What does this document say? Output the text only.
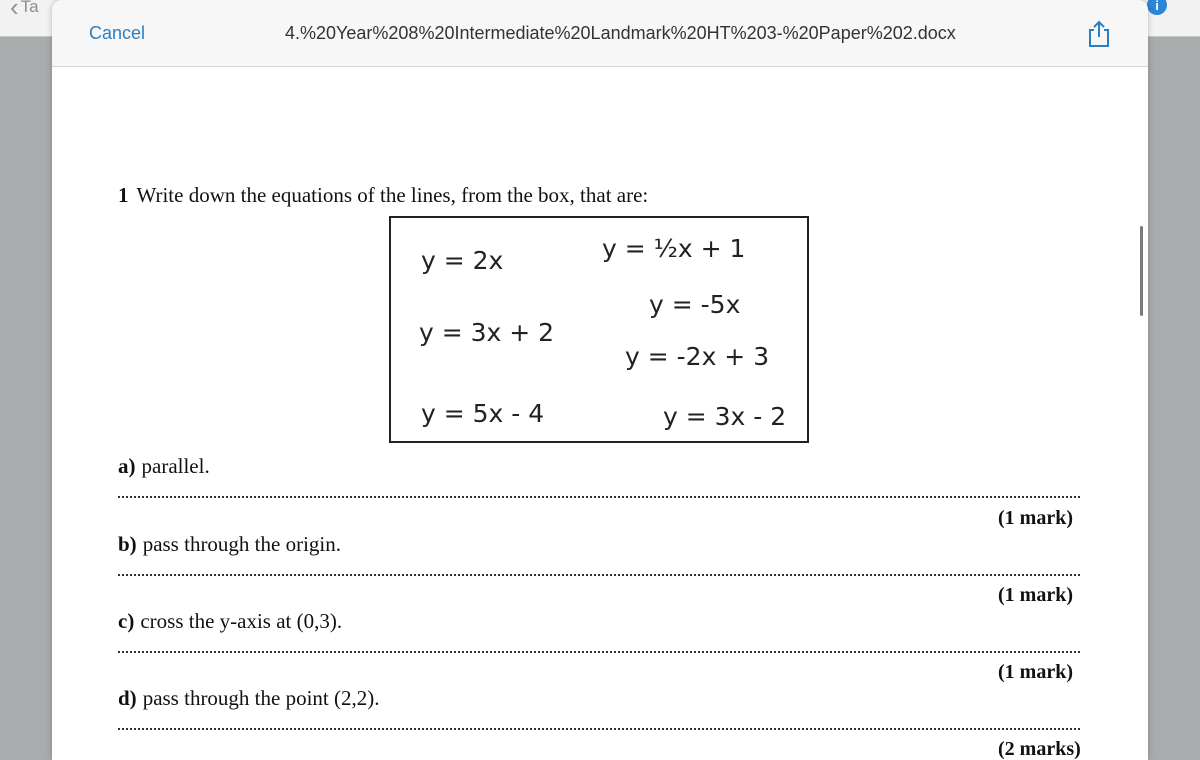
‹ Ta	i
Cancel	4.%20Year%208%20Intermediate%20Landmark%20HT%203-%20Paper%202.docx
1 Write down the equations of the lines, from the box, that are:
y = 2x	y = ½x + 1
y = -5x
y = 3x + 2
y = -2x + 3
y = 5x - 4	y = 3x - 2
a) parallel.
(1 mark)
b) pass through the origin.
(1 mark)
c) cross the y-axis at (0,3).
(1 mark)
d) pass through the point (2,2).
(2 marks)
